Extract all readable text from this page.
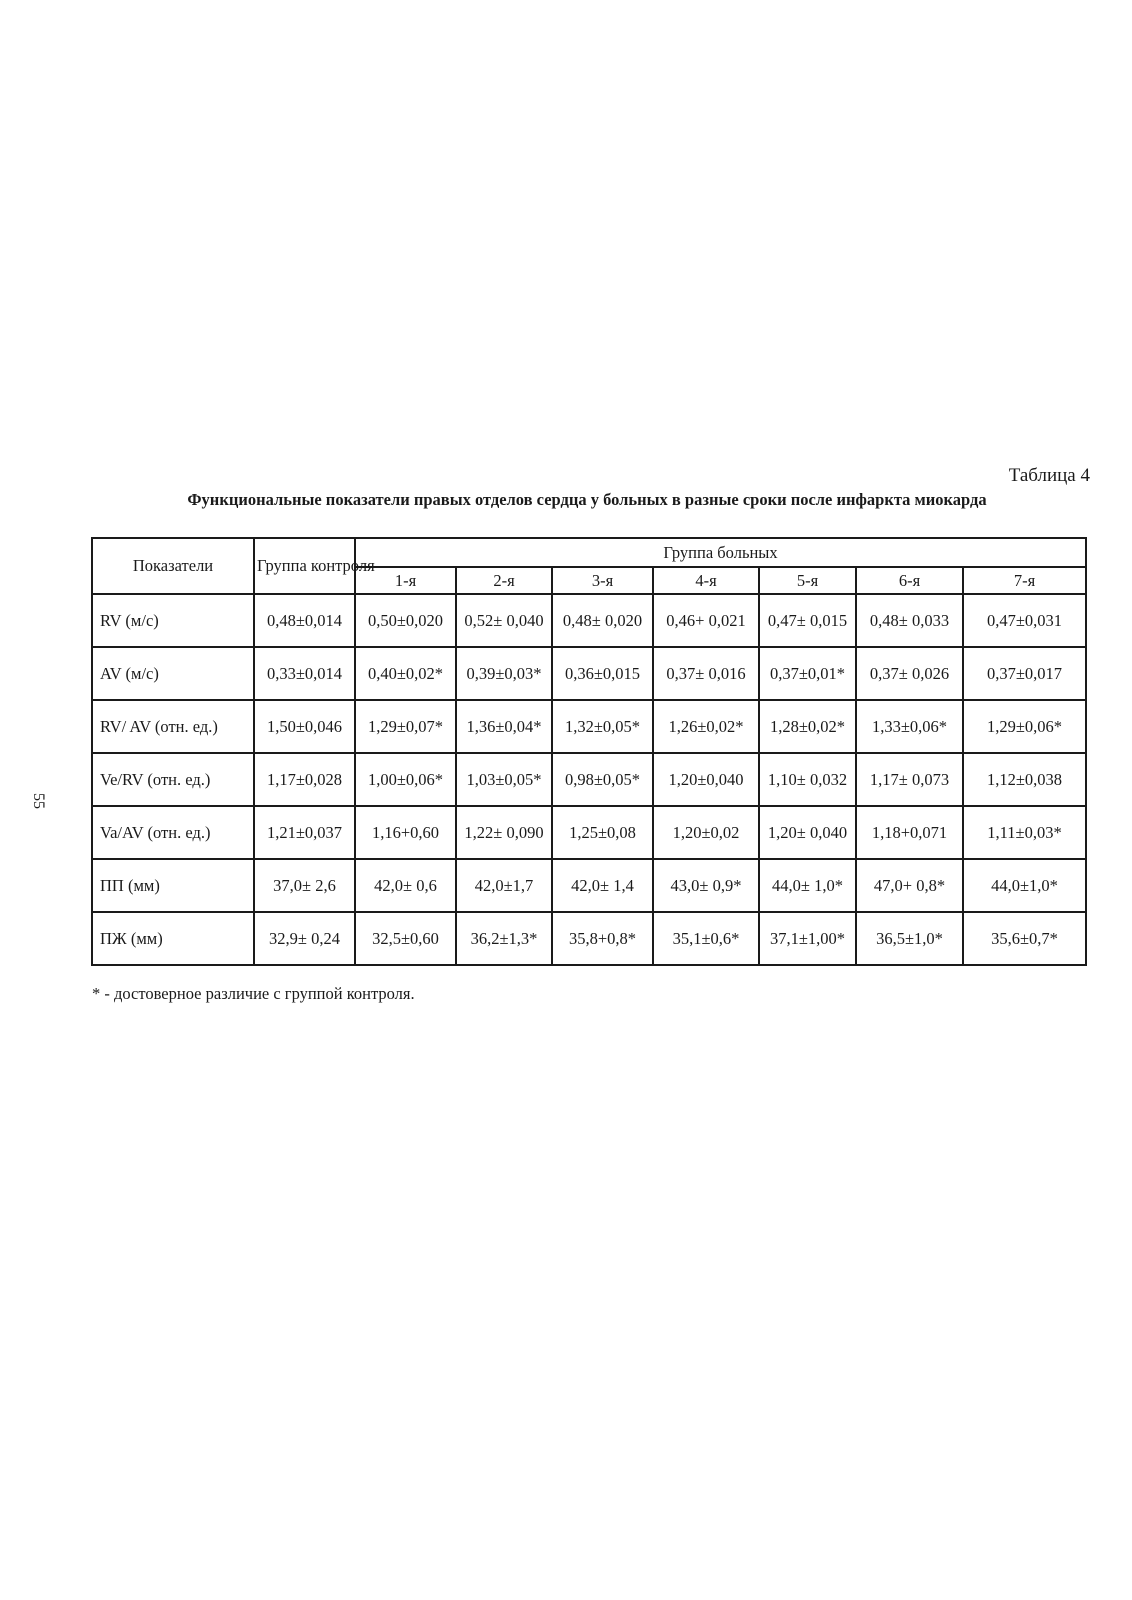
55
Таблица 4
Функциональные показатели правых отделов сердца у больных в разные сроки после инфаркта миокарда
Показатели	Группа контроля	Группа больных						
		1-я	2-я	3-я	4-я	5-я	6-я	7-я
RV (м/с)	0,48±0,014	0,50±0,020	0,52± 0,040	0,48± 0,020	0,46+ 0,021	0,47± 0,015	0,48± 0,033	0,47±0,031
AV (м/с)	0,33±0,014	0,40±0,02*	0,39±0,03*	0,36±0,015	0,37± 0,016	0,37±0,01*	0,37± 0,026	0,37±0,017
RV/ AV (отн. ед.)	1,50±0,046	1,29±0,07*	1,36±0,04*	1,32±0,05*	1,26±0,02*	1,28±0,02*	1,33±0,06*	1,29±0,06*
Ve/RV (отн. ед.)	1,17±0,028	1,00±0,06*	1,03±0,05*	0,98±0,05*	1,20±0,040	1,10± 0,032	1,17± 0,073	1,12±0,038
Va/AV (отн. ед.)	1,21±0,037	1,16+0,60	1,22± 0,090	1,25±0,08	1,20±0,02	1,20± 0,040	1,18+0,071	1,11±0,03*
ПП (мм)	37,0± 2,6	42,0± 0,6	42,0±1,7	42,0± 1,4	43,0± 0,9*	44,0± 1,0*	47,0+ 0,8*	44,0±1,0*
ПЖ (мм)	32,9± 0,24	32,5±0,60	36,2±1,3*	35,8+0,8*	35,1±0,6*	37,1±1,00*	36,5±1,0*	35,6±0,7*
* - достоверное различие с группой контроля.
